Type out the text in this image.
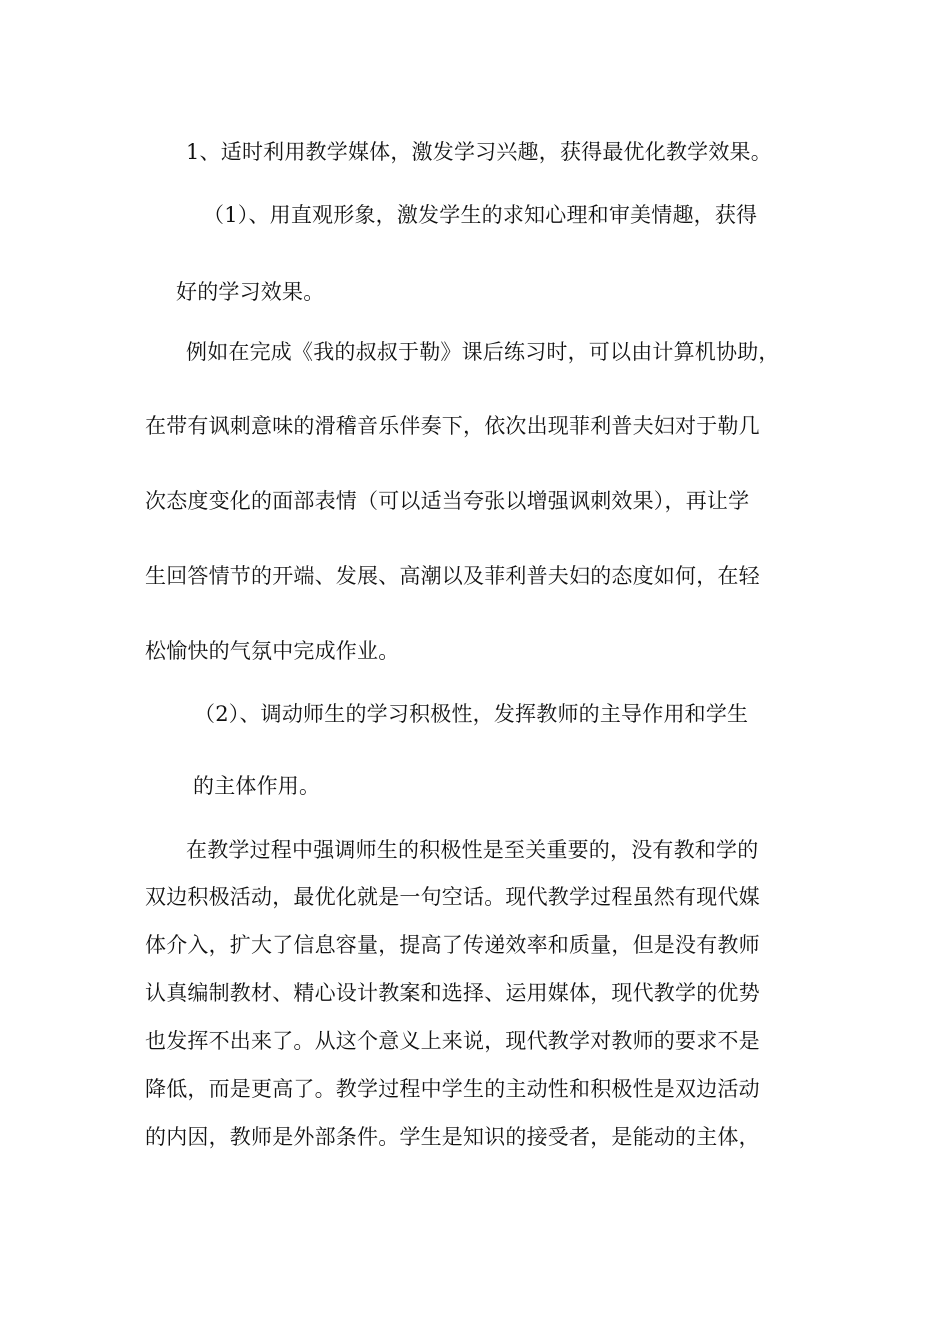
1、适时利用教学媒体，激发学习兴趣，获得最优化教学效果。
（1）、用直观形象，激发学生的求知心理和审美情趣，获得
好的学习效果。
例如在完成《我的叔叔于勒》课后练习时，可以由计算机协助，
在带有讽刺意味的滑稽音乐伴奏下，依次出现菲利普夫妇对于勒几
次态度变化的面部表情（可以适当夸张以增强讽刺效果），再让学
生回答情节的开端、发展、高潮以及菲利普夫妇的态度如何，在轻
松愉快的气氛中完成作业。
（2）、调动师生的学习积极性，发挥教师的主导作用和学生
的主体作用。
在教学过程中强调师生的积极性是至关重要的，没有教和学的
双边积极活动，最优化就是一句空话。现代教学过程虽然有现代媒
体介入，扩大了信息容量，提高了传递效率和质量，但是没有教师
认真编制教材、精心设计教案和选择、运用媒体，现代教学的优势
也发挥不出来了。从这个意义上来说，现代教学对教师的要求不是
降低，而是更高了。教学过程中学生的主动性和积极性是双边活动
的内因，教师是外部条件。学生是知识的接受者，是能动的主体，
